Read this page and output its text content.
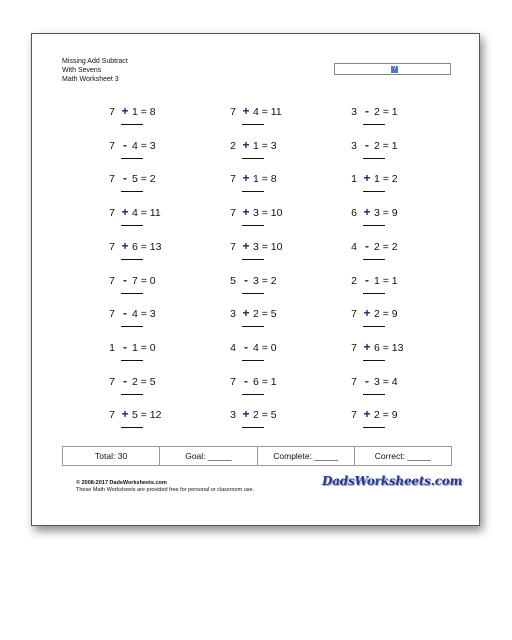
Missing Add Subtract
With Sevens
Math Worksheet 3
?
7 + 1 = 8	7 + 4 = 11	3 - 2 = 1
7 - 4 = 3	2 + 1 = 3	3 - 2 = 1
7 - 5 = 2	7 + 1 = 8	1 + 1 = 2
7 + 4 = 11	7 + 3 = 10	6 + 3 = 9
7 + 6 = 13	7 + 3 = 10	4 - 2 = 2
7 - 7 = 0	5 - 3 = 2	2 - 1 = 1
7 - 4 = 3	3 + 2 = 5	7 + 2 = 9
1 - 1 = 0	4 - 4 = 0	7 + 6 = 13
7 - 2 = 5	7 - 6 = 1	7 - 3 = 4
7 + 5 = 12	3 + 2 = 5	7 + 2 = 9
Total: 30	Goal: _____	Complete: _____	Correct: _____
© 2008-2017 DadsWorksheets.com
These Math Worksheets are provided free for personal or classroom use.
DadsWorksheets.com
